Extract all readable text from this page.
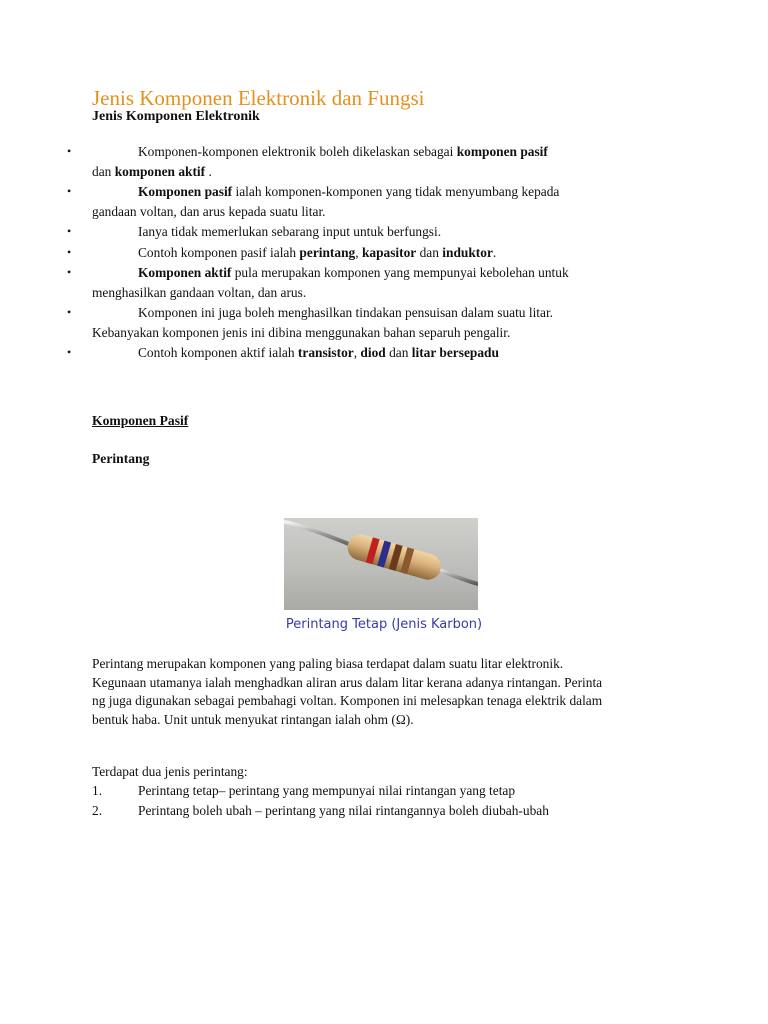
Jenis Komponen Elektronik dan Fungsi
Jenis Komponen Elektronik
•	Komponen-komponen elektronik boleh dikelaskan sebagai komponen pasif
dan komponen aktif .
•	Komponen pasif ialah komponen-komponen yang tidak menyumbang kepada
gandaan voltan, dan arus kepada suatu litar.
•	Ianya tidak memerlukan sebarang input untuk berfungsi.
•	Contoh komponen pasif ialah perintang, kapasitor dan induktor.
•	Komponen aktif pula merupakan komponen yang mempunyai kebolehan untuk
menghasilkan gandaan voltan, dan arus.
•	Komponen ini juga boleh menghasilkan tindakan pensuisan dalam suatu litar.
Kebanyakan komponen jenis ini dibina menggunakan bahan separuh pengalir.
•	Contoh komponen aktif ialah transistor, diod dan litar bersepadu
Komponen Pasif
Perintang
Perintang Tetap (Jenis Karbon)
Perintang merupakan komponen yang paling biasa terdapat dalam suatu litar elektronik.
Kegunaan utamanya ialah menghadkan aliran arus dalam litar kerana adanya rintangan. Perinta
ng juga digunakan sebagai pembahagi voltan. Komponen ini melesapkan tenaga elektrik dalam
bentuk haba. Unit untuk menyukat rintangan ialah ohm (Ω).
Terdapat dua jenis perintang:
1.	Perintang tetap– perintang yang mempunyai nilai rintangan yang tetap
2.	Perintang boleh ubah – perintang yang nilai rintangannya boleh diubah-ubah
